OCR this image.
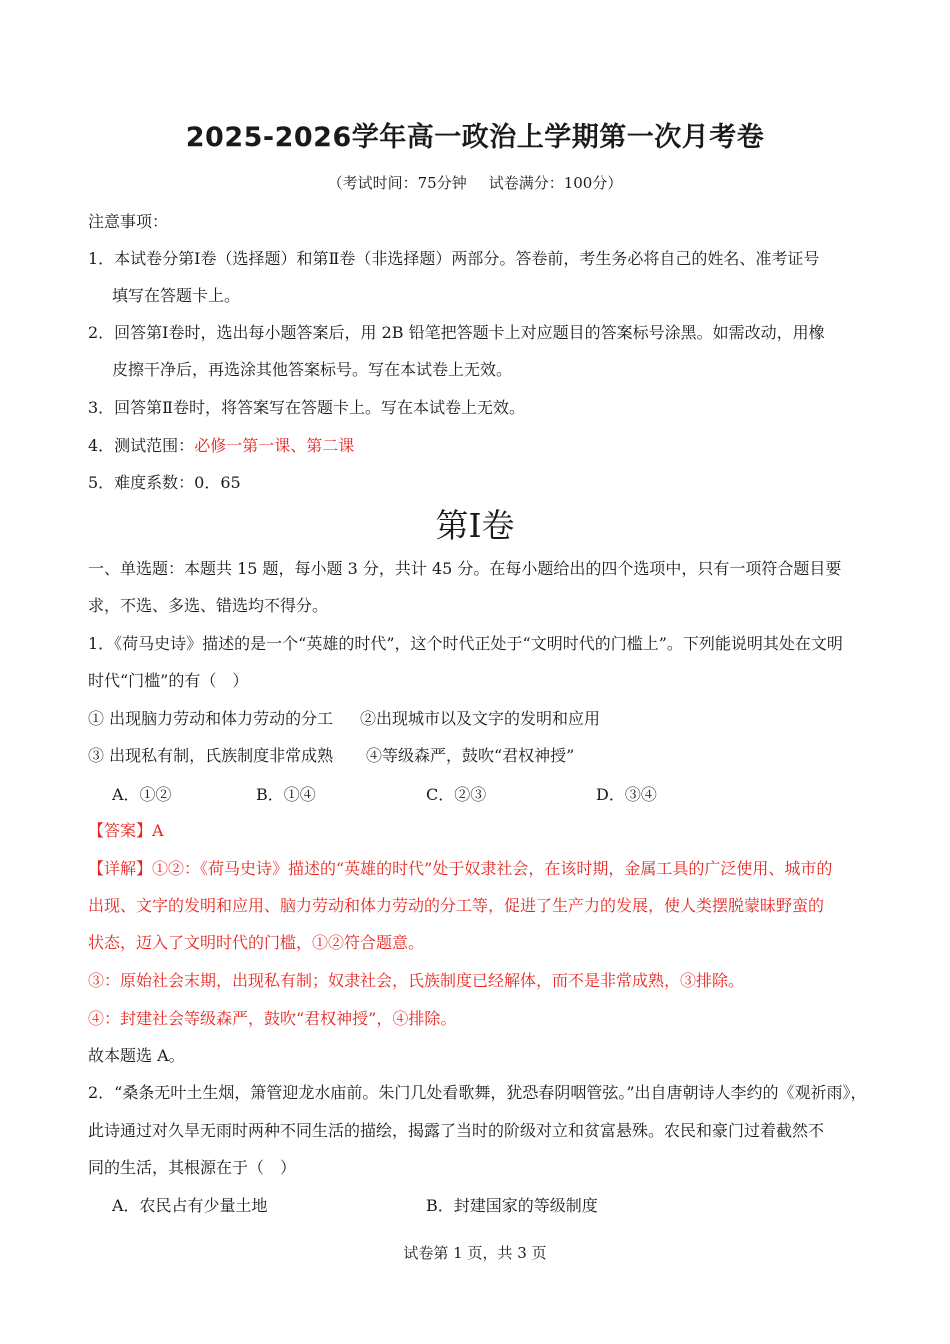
2025-2026学年高一政治上学期第一次月考卷
（考试时间：75分钟 试卷满分：100分）
注意事项：
1．本试卷分第Ⅰ卷（选择题）和第Ⅱ卷（非选择题）两部分。答卷前，考生务必将自己的姓名、准考证号
填写在答题卡上。
2．回答第Ⅰ卷时，选出每小题答案后，用 2B 铅笔把答题卡上对应题目的答案标号涂黑。如需改动，用橡
皮擦干净后，再选涂其他答案标号。写在本试卷上无效。
3．回答第Ⅱ卷时，将答案写在答题卡上。写在本试卷上无效。
4．测试范围：必修一第一课、第二课
5．难度系数：0．65
第Ⅰ卷
一、单选题：本题共 15 题，每小题 3 分，共计 45 分。在每小题给出的四个选项中，只有一项符合题目要
求，不选、多选、错选均不得分。
1．《荷马史诗》描述的是一个“英雄的时代”，这个时代正处于“文明时代的门槛上”。下列能说明其处在文明
时代“门槛”的有（　）
① 出现脑力劳动和体力劳动的分工 ②出现城市以及文字的发明和应用
③ 出现私有制，氏族制度非常成熟 ④等级森严，鼓吹“君权神授”
A．①②	B．①④	C．②③	D．③④
【答案】A
【详解】①②：《荷马史诗》描述的“英雄的时代”处于奴隶社会，在该时期，金属工具的广泛使用、城市的
出现、文字的发明和应用、脑力劳动和体力劳动的分工等，促进了生产力的发展，使人类摆脱蒙昧野蛮的
状态，迈入了文明时代的门槛，①②符合题意。
③：原始社会末期，出现私有制；奴隶社会，氏族制度已经解体，而不是非常成熟，③排除。
④：封建社会等级森严，鼓吹“君权神授”，④排除。
故本题选 A。
2．“桑条无叶土生烟，箫管迎龙水庙前。朱门几处看歌舞，犹恐春阴咽管弦。”出自唐朝诗人李约的《观祈雨》，
此诗通过对久旱无雨时两种不同生活的描绘，揭露了当时的阶级对立和贫富悬殊。农民和豪门过着截然不
同的生活，其根源在于（　）
A．农民占有少量土地	B．封建国家的等级制度
试卷第 1 页，共 3 页
